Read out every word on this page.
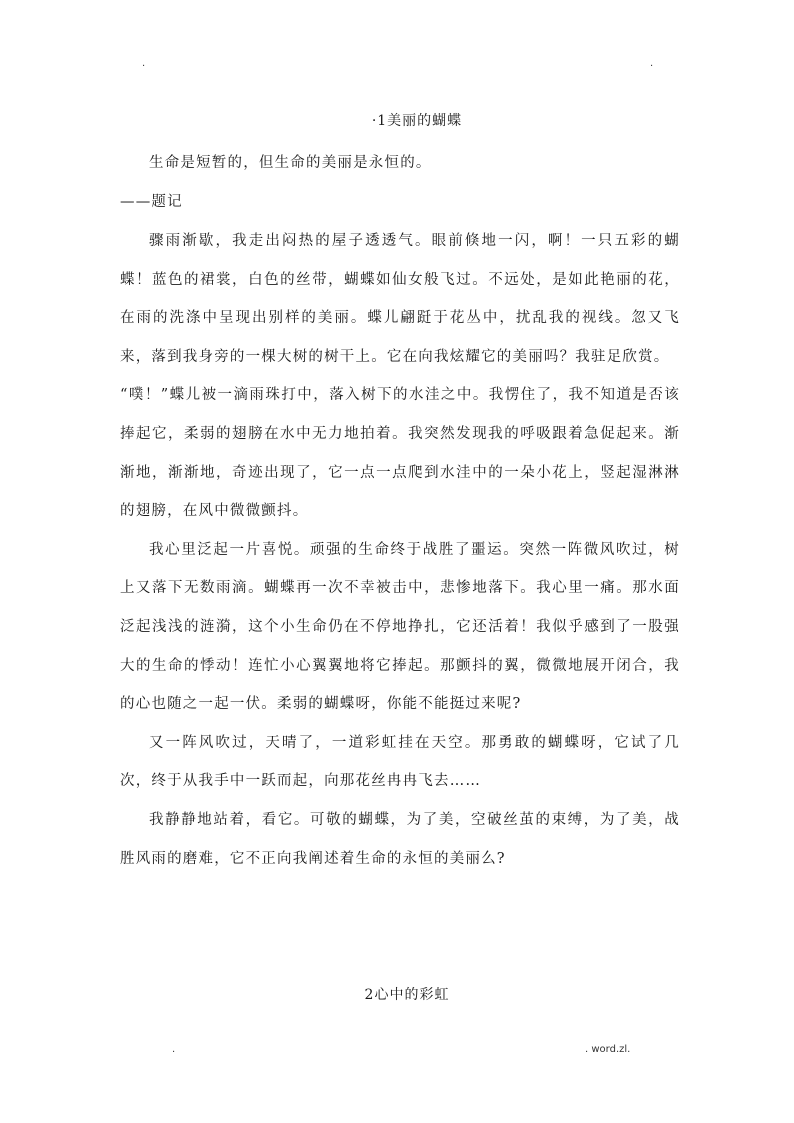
.	.
·1美丽的蝴蝶
生命是短暂的，但生命的美丽是永恒的。
——题记
骤雨渐歇，我走出闷热的屋子透透气。眼前倏地一闪，啊！一只五彩的蝴蝶！蓝色的裙裳，白色的丝带，蝴蝶如仙女般飞过。不远处，是如此艳丽的花，在雨的洗涤中呈现出别样的美丽。蝶儿翩跹于花丛中，扰乱我的视线。忽又飞来，落到我身旁的一棵大树的树干上。它在向我炫耀它的美丽吗？我驻足欣赏。
“噗！”蝶儿被一滴雨珠打中，落入树下的水洼之中。我愣住了，我不知道是否该捧起它，柔弱的翅膀在水中无力地拍着。我突然发现我的呼吸跟着急促起来。渐渐地，渐渐地，奇迹出现了，它一点一点爬到水洼中的一朵小花上，竖起湿淋淋的翅膀，在风中微微颤抖。
我心里泛起一片喜悦。顽强的生命终于战胜了噩运。突然一阵微风吹过，树上又落下无数雨滴。蝴蝶再一次不幸被击中，悲惨地落下。我心里一痛。那水面泛起浅浅的涟漪，这个小生命仍在不停地挣扎，它还活着！我似乎感到了一股强大的生命的悸动！连忙小心翼翼地将它捧起。那颤抖的翼，微微地展开闭合，我的心也随之一起一伏。柔弱的蝴蝶呀，你能不能挺过来呢?
又一阵风吹过，天晴了，一道彩虹挂在天空。那勇敢的蝴蝶呀，它试了几次，终于从我手中一跃而起，向那花丝冉冉飞去……
我静静地站着，看它。可敬的蝴蝶，为了美，空破丝茧的束缚，为了美，战胜风雨的磨难，它不正向我阐述着生命的永恒的美丽么?
2心中的彩虹
.	. word.zl.
